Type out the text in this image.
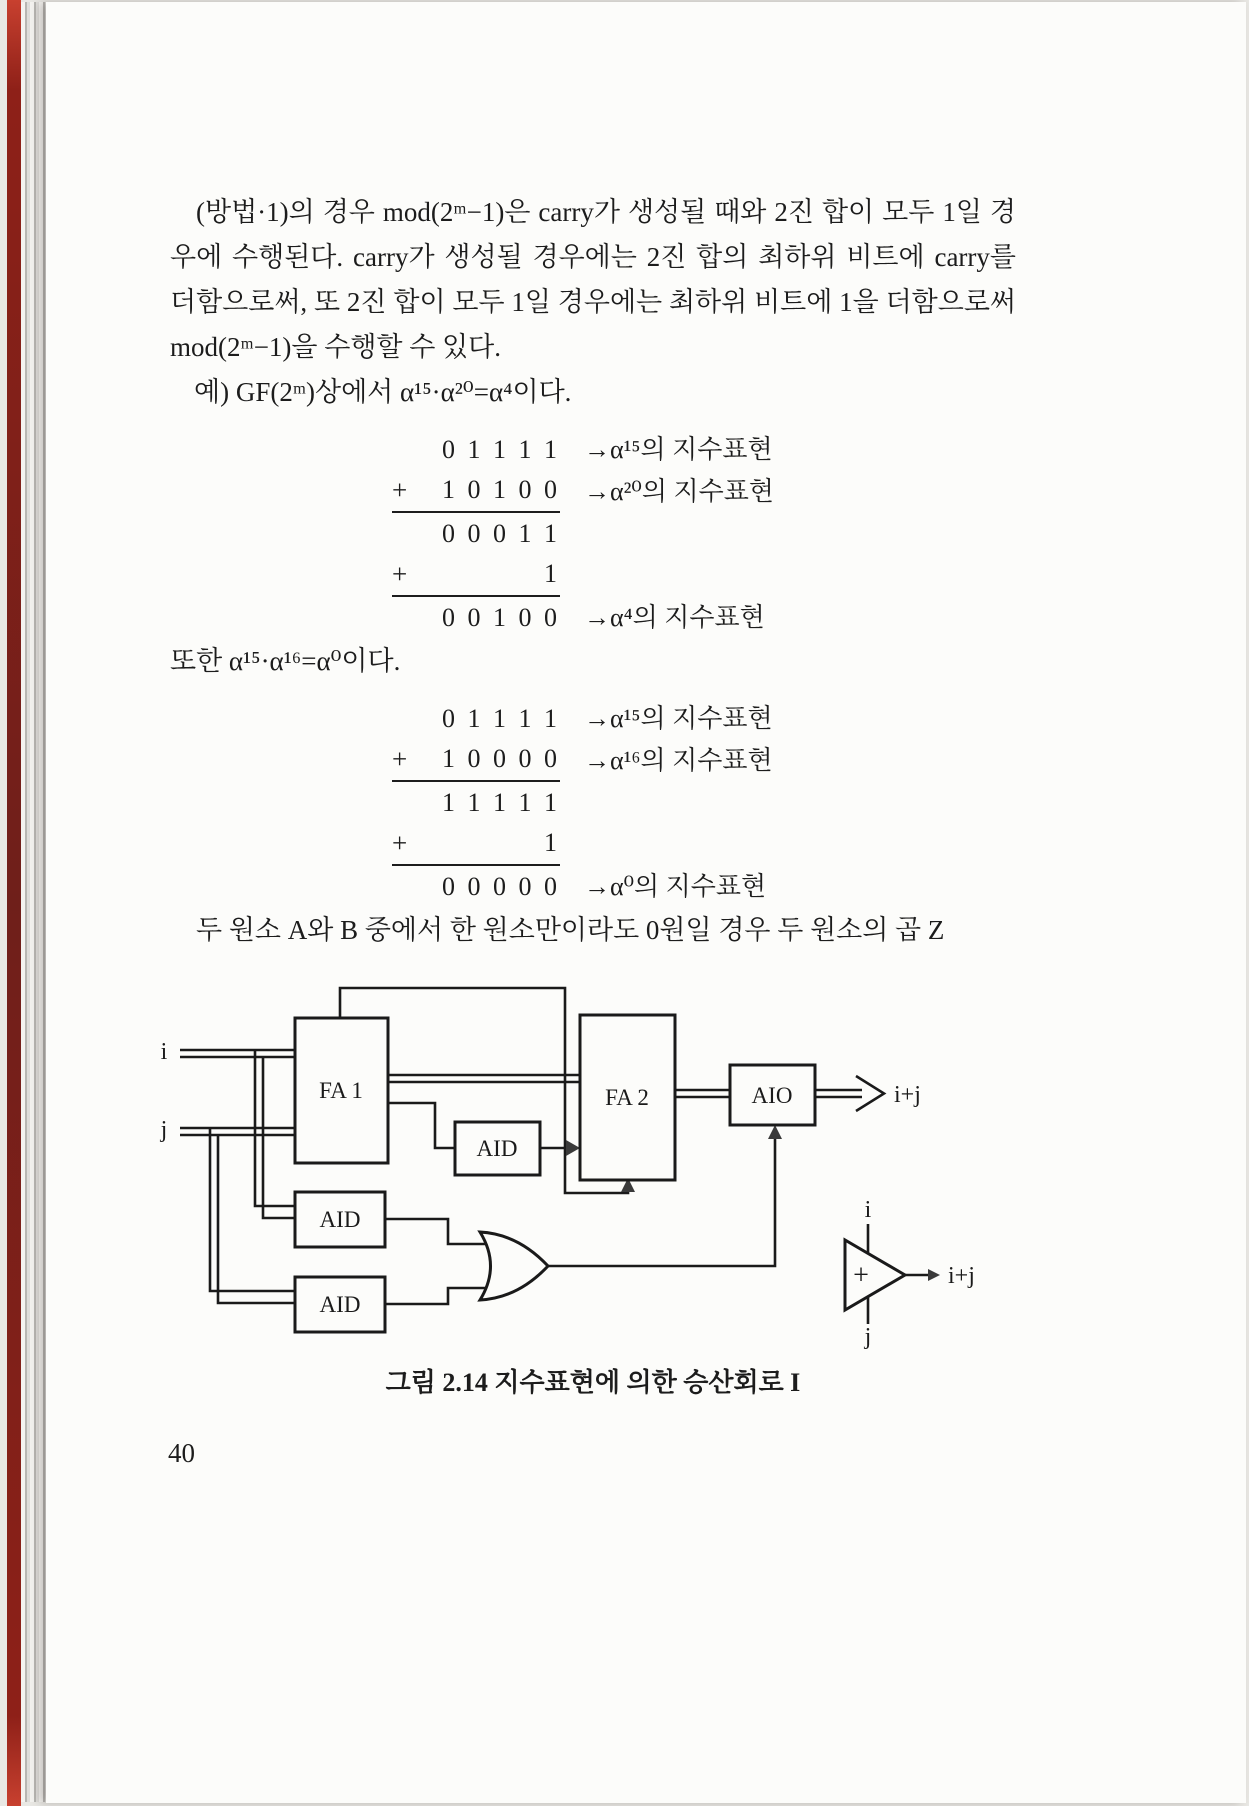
(방법·1)의 경우 mod(2ᵐ−1)은 carry가 생성될 때와 2진 합이 모두 1일 경우에 수행된다. carry가 생성될 경우에는 2진 합의 최하위 비트에 carry를 더함으로써, 또 2진 합이 모두 1일 경우에는 최하위 비트에 1을 더함으로써 mod(2ᵐ−1)을 수행할 수 있다.

예) GF(2ᵐ)상에서 α¹⁵·α²⁰=α⁴이다.

0 1 1 1 1 →α¹⁵의 지수표현
+	1 0 1 0 0 →α²⁰의 지수표현
0 0 0 1 1
+	1
0 0 1 0 0 →α⁴의 지수표현

또한 α¹⁵·α¹⁶=α⁰이다.

0 1 1 1 1 →α¹⁵의 지수표현
+	1 0 0 0 0 →α¹⁶의 지수표현
1 1 1 1 1
+	1
0 0 0 0 0 →α⁰의 지수표현

두 원소 A와 B 중에서 한 원소만이라도 0원일 경우 두 원소의 곱 Z

FA 1	FA 2
AID
AIO
AID
AID
i
j
i
j
+
i+j
i+j
그림 2.14 지수표현에 의한 승산회로 I
40
